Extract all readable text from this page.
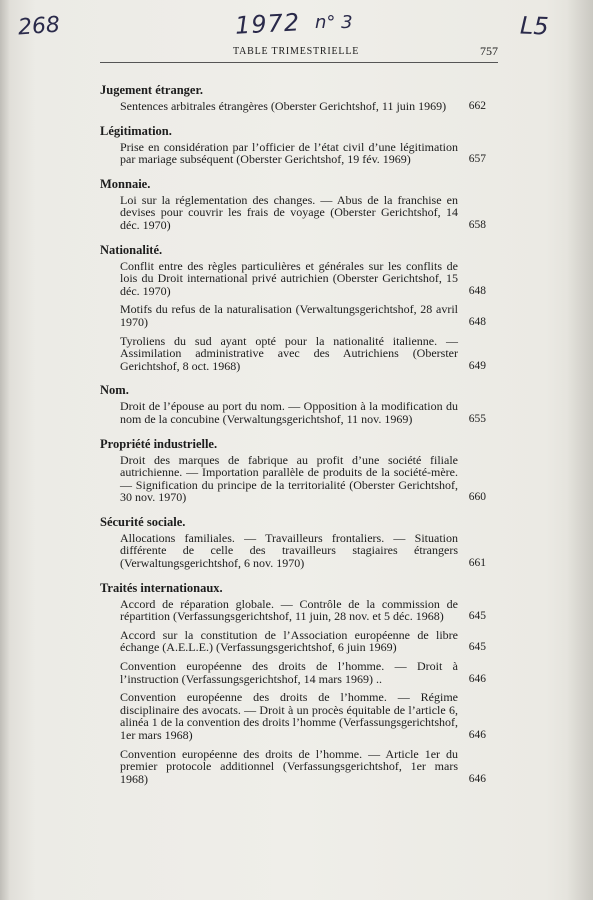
268	1972 n° 3	L5
TABLE TRIMESTRIELLE	757
Jugement étranger.
Sentences arbitrales étrangères (Oberster Gerichtshof, 11 juin 1969)	662
Légitimation.
Prise en considération par l’officier de l’état civil d’une légitimation par mariage subséquent (Oberster Gerichtshof, 19 fév. 1969)	657
Monnaie.
Loi sur la réglementation des changes. — Abus de la franchise en devises pour couvrir les frais de voyage (Oberster Gerichtshof, 14 déc. 1970)	658
Nationalité.
Conflit entre des règles particulières et générales sur les conflits de lois du Droit international privé autrichien (Oberster Gerichtshof, 15 déc. 1970)	648
Motifs du refus de la naturalisation (Verwaltungsgerichtshof, 28 avril 1970)	648
Tyroliens du sud ayant opté pour la nationalité italienne. — Assimilation administrative avec des Autrichiens (Oberster Gerichtshof, 8 oct. 1968)	649
Nom.
Droit de l’épouse au port du nom. — Opposition à la modification du nom de la concubine (Verwaltungsgerichtshof, 11 nov. 1969)	655
Propriété industrielle.
Droit des marques de fabrique au profit d’une société filiale autrichienne. — Importation parallèle de produits de la société-mère. — Signification du principe de la territorialité (Oberster Gerichtshof, 30 nov. 1970)	660
Sécurité sociale.
Allocations familiales. — Travailleurs frontaliers. — Situation différente de celle des travailleurs stagiaires étrangers (Verwaltungsgerichtshof, 6 nov. 1970)	661
Traités internationaux.
Accord de réparation globale. — Contrôle de la commission de répartition (Verfassungsgerichtshof, 11 juin, 28 nov. et 5 déc. 1968)	645
Accord sur la constitution de l’Association européenne de libre échange (A.E.L.E.) (Verfassungsgerichtshof, 6 juin 1969)	645
Convention européenne des droits de l’homme. — Droit à l’instruction (Verfassungsgerichtshof, 14 mars 1969) ..	646
Convention européenne des droits de l’homme. — Régime disciplinaire des avocats. — Droit à un procès équitable de l’article 6, alinéa 1 de la convention des droits l’homme (Verfassungsgerichtshof, 1er mars 1968)	646
Convention européenne des droits de l’homme. — Article 1er du premier protocole additionnel (Verfassungsgerichtshof, 1er mars 1968)	646
